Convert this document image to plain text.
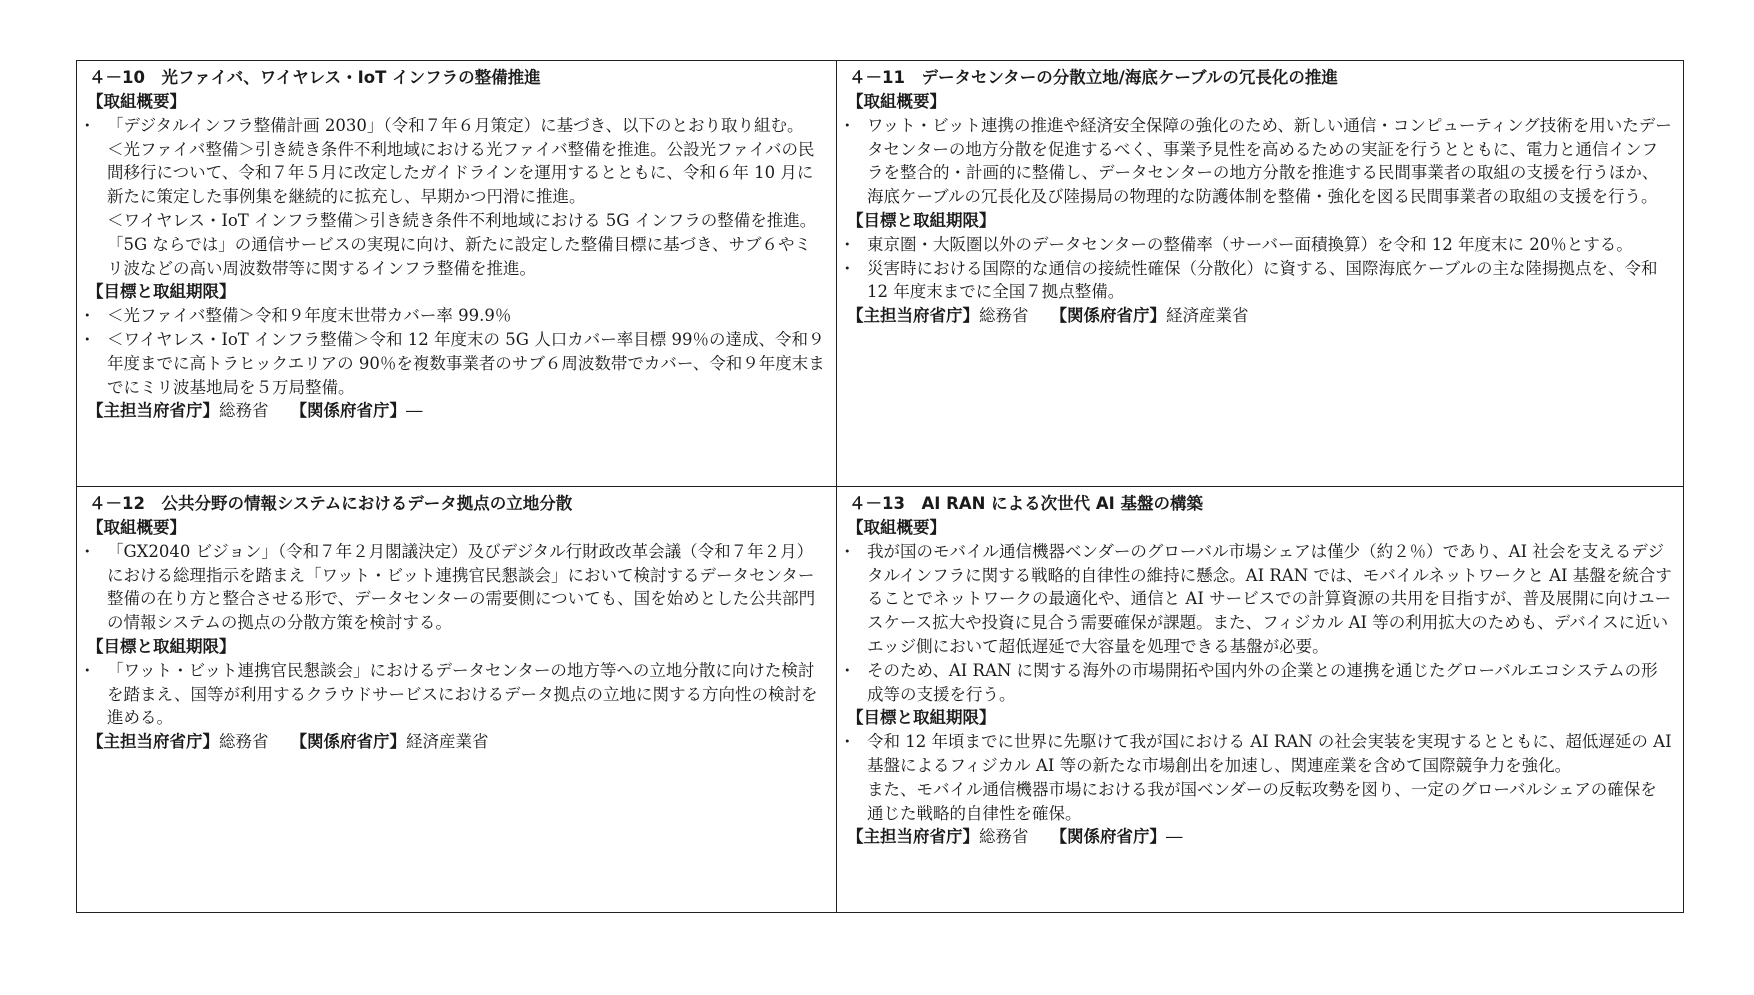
４－10　光ファイバ、ワイヤレス・IoT インフラの整備推進
【取組概要】
・ 「デジタルインフラ整備計画 2030」（令和７年６月策定）に基づき、以下のとおり取り組む。
＜光ファイバ整備＞引き続き条件不利地域における光ファイバ整備を推進。公設光ファイバの民間移行について、令和７年５月に改定したガイドラインを運用するとともに、令和６年 10 月に新たに策定した事例集を継続的に拡充し、早期かつ円滑に推進。
＜ワイヤレス・IoT インフラ整備＞引き続き条件不利地域における 5G インフラの整備を推進。「5G ならでは」の通信サービスの実現に向け、新たに設定した整備目標に基づき、サブ６やミリ波などの高い周波数帯等に関するインフラ整備を推進。
【目標と取組期限】
・ ＜光ファイバ整備＞令和９年度末世帯カバー率 99.9％
・ ＜ワイヤレス・IoT インフラ整備＞令和 12 年度末の 5G 人口カバー率目標 99％の達成、令和９年度までに高トラヒックエリアの 90％を複数事業者のサブ６周波数帯でカバー、令和９年度末までにミリ波基地局を５万局整備。
【主担当府省庁】総務省 【関係府省庁】―
４－11　データセンターの分散立地/海底ケーブルの冗長化の推進
【取組概要】
・ ワット・ビット連携の推進や経済安全保障の強化のため、新しい通信・コンピューティング技術を用いたデータセンターの地方分散を促進するべく、事業予見性を高めるための実証を行うとともに、電力と通信インフラを整合的・計画的に整備し、データセンターの地方分散を推進する民間事業者の取組の支援を行うほか、海底ケーブルの冗長化及び陸揚局の物理的な防護体制を整備・強化を図る民間事業者の取組の支援を行う。
【目標と取組期限】
・ 東京圏・大阪圏以外のデータセンターの整備率（サーバー面積換算）を令和 12 年度末に 20％とする。
・ 災害時における国際的な通信の接続性確保（分散化）に資する、国際海底ケーブルの主な陸揚拠点を、令和 12 年度末までに全国７拠点整備。
【主担当府省庁】総務省 【関係府省庁】経済産業省
４－12　公共分野の情報システムにおけるデータ拠点の立地分散
【取組概要】
・ 「GX2040 ビジョン」（令和７年２月閣議決定）及びデジタル行財政改革会議（令和７年２月）における総理指示を踏まえ「ワット・ビット連携官民懇談会」において検討するデータセンター整備の在り方と整合させる形で、データセンターの需要側についても、国を始めとした公共部門の情報システムの拠点の分散方策を検討する。
【目標と取組期限】
・ 「ワット・ビット連携官民懇談会」におけるデータセンターの地方等への立地分散に向けた検討を踏まえ、国等が利用するクラウドサービスにおけるデータ拠点の立地に関する方向性の検討を進める。
【主担当府省庁】総務省 【関係府省庁】経済産業省
４－13　AI RAN による次世代 AI 基盤の構築
【取組概要】
・ 我が国のモバイル通信機器ベンダーのグローバル市場シェアは僅少（約２％）であり、AI 社会を支えるデジタルインフラに関する戦略的自律性の維持に懸念。AI RAN では、モバイルネットワークと AI 基盤を統合することでネットワークの最適化や、通信と AI サービスでの計算資源の共用を目指すが、普及展開に向けユースケース拡大や投資に見合う需要確保が課題。また、フィジカル AI 等の利用拡大のためも、デバイスに近いエッジ側において超低遅延で大容量を処理できる基盤が必要。
・ そのため、AI RAN に関する海外の市場開拓や国内外の企業との連携を通じたグローバルエコシステムの形成等の支援を行う。
【目標と取組期限】
・ 令和 12 年頃までに世界に先駆けて我が国における AI RAN の社会実装を実現するとともに、超低遅延の AI 基盤によるフィジカル AI 等の新たな市場創出を加速し、関連産業を含めて国際競争力を強化。
また、モバイル通信機器市場における我が国ベンダーの反転攻勢を図り、一定のグローバルシェアの確保を通じた戦略的自律性を確保。
【主担当府省庁】総務省 【関係府省庁】―
